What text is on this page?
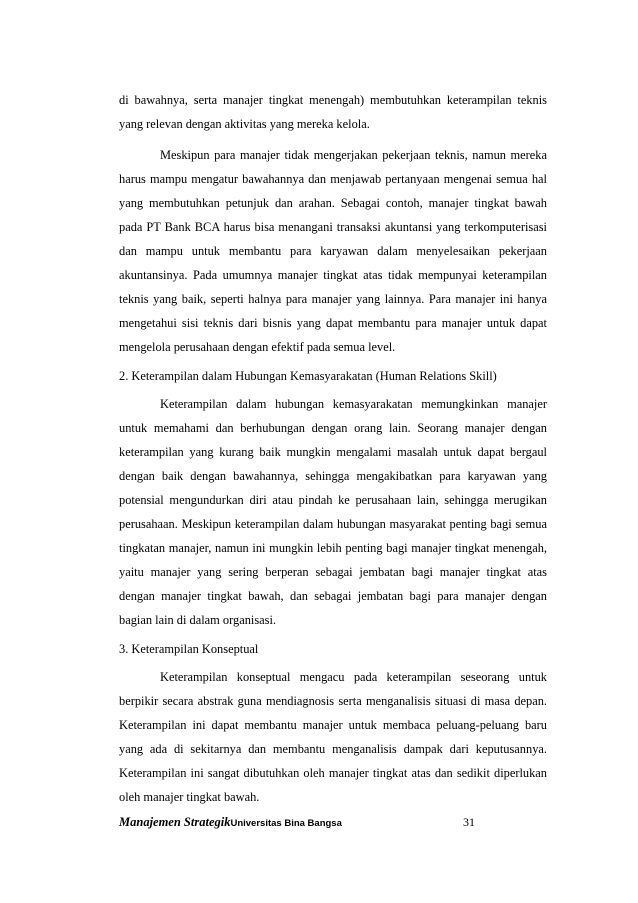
di bawahnya, serta manajer tingkat menengah) membutuhkan keterampilan teknis yang relevan dengan aktivitas yang mereka kelola.

Meskipun para manajer tidak mengerjakan pekerjaan teknis, namun mereka harus mampu mengatur bawahannya dan menjawab pertanyaan mengenai semua hal yang membutuhkan petunjuk dan arahan. Sebagai contoh, manajer tingkat bawah pada PT Bank BCA harus bisa menangani transaksi akuntansi yang terkomputerisasi dan mampu untuk membantu para karyawan dalam menyelesaikan pekerjaan akuntansinya. Pada umumnya manajer tingkat atas tidak mempunyai keterampilan teknis yang baik, seperti halnya para manajer yang lainnya. Para manajer ini hanya mengetahui sisi teknis dari bisnis yang dapat membantu para manajer untuk dapat mengelola perusahaan dengan efektif pada semua level.

2. Keterampilan dalam Hubungan Kemasyarakatan (Human Relations Skill)

Keterampilan dalam hubungan kemasyarakatan memungkinkan manajer untuk memahami dan berhubungan dengan orang lain. Seorang manajer dengan keterampilan yang kurang baik mungkin mengalami masalah untuk dapat bergaul dengan baik dengan bawahannya, sehingga mengakibatkan para karyawan yang potensial mengundurkan diri atau pindah ke perusahaan lain, sehingga merugikan perusahaan. Meskipun keterampilan dalam hubungan masyarakat penting bagi semua tingkatan manajer, namun ini mungkin lebih penting bagi manajer tingkat menengah, yaitu manajer yang sering berperan sebagai jembatan bagi manajer tingkat atas dengan manajer tingkat bawah, dan sebagai jembatan bagi para manajer dengan bagian lain di dalam organisasi.

3. Keterampilan Konseptual

Keterampilan konseptual mengacu pada keterampilan seseorang untuk berpikir secara abstrak guna mendiagnosis serta menganalisis situasi di masa depan. Keterampilan ini dapat membantu manajer untuk membaca peluang-peluang baru yang ada di sekitarnya dan membantu menganalisis dampak dari keputusannya. Keterampilan ini sangat dibutuhkan oleh manajer tingkat atas dan sedikit diperlukan oleh manajer tingkat bawah.

Manajemen StrategikUniversitas Bina Bangsa	31
